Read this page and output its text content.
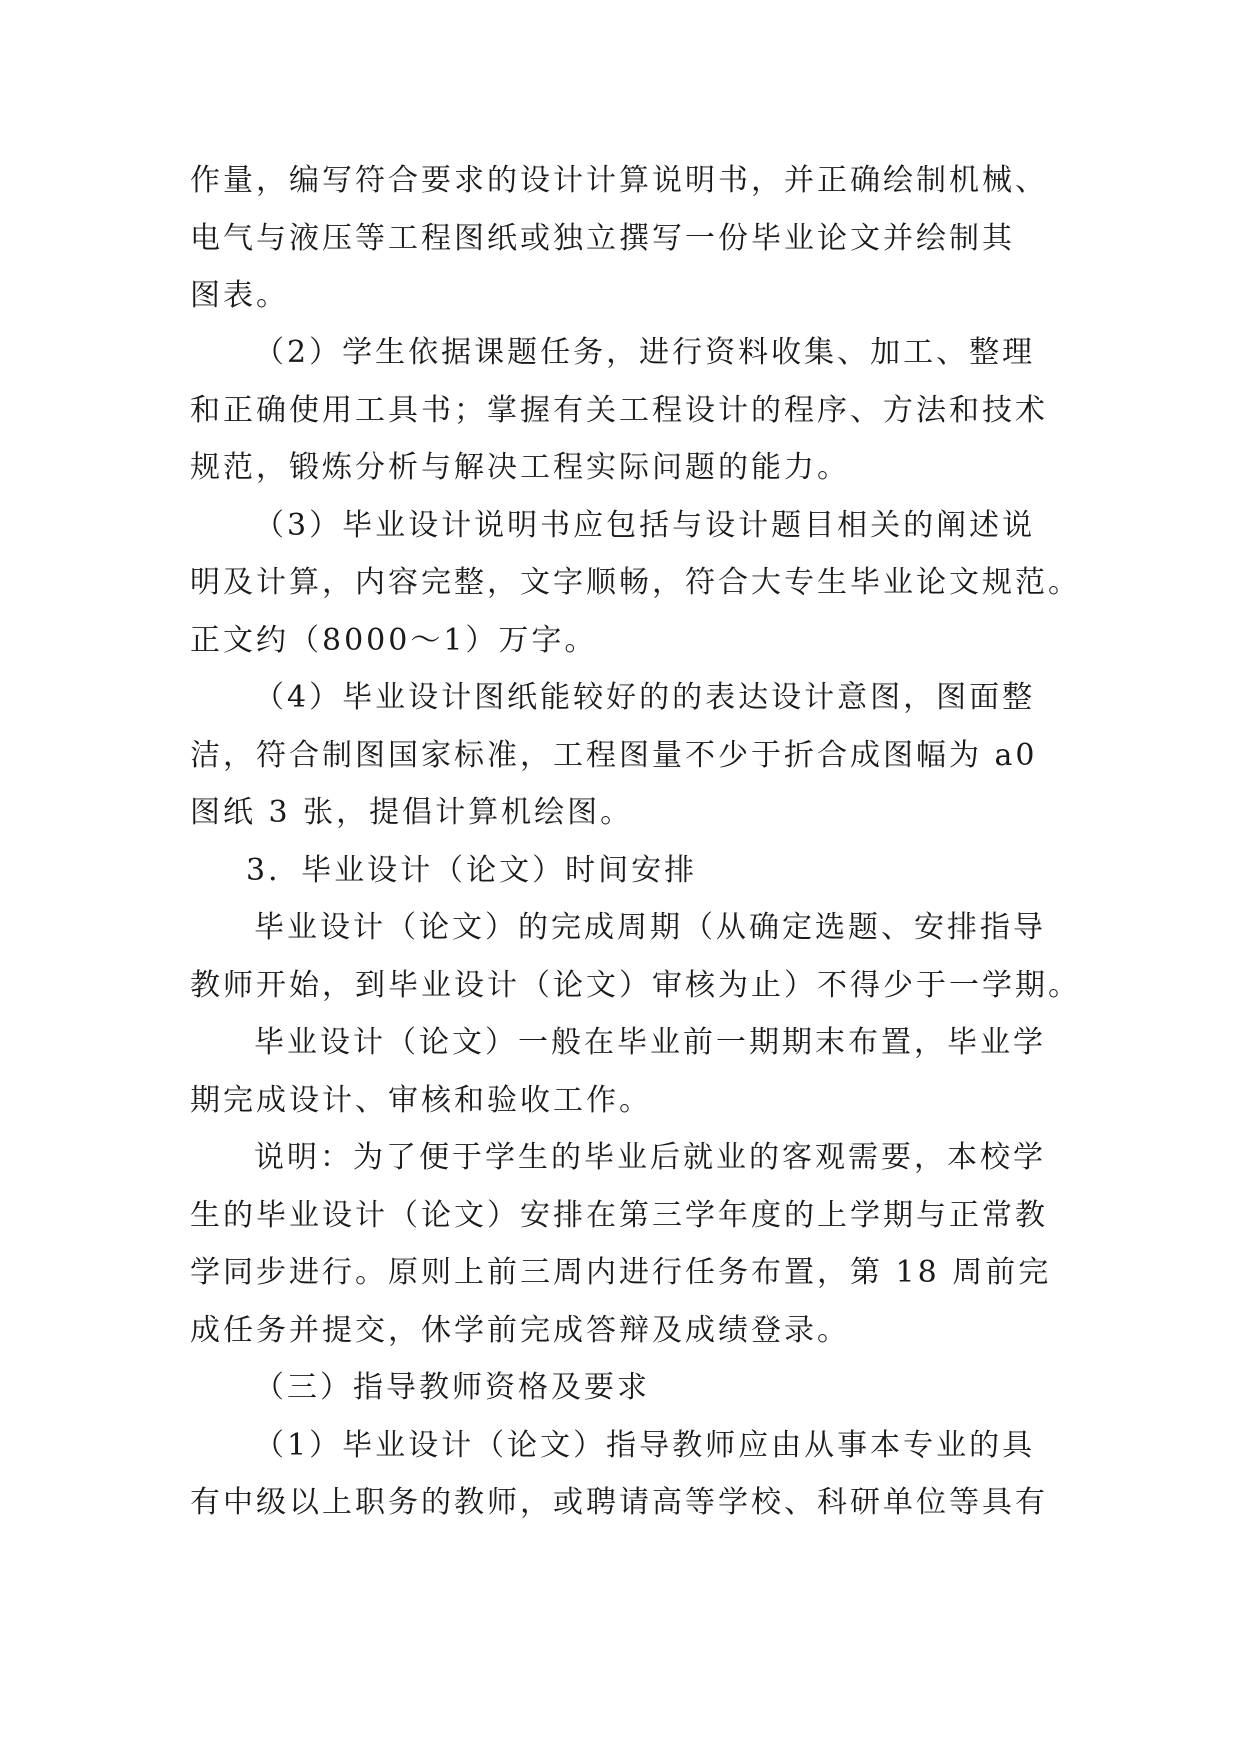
作量，编写符合要求的设计计算说明书，并正确绘制机械、
电气与液压等工程图纸或独立撰写一份毕业论文并绘制其
图表。
（2）学生依据课题任务，进行资料收集、加工、整理
和正确使用工具书；掌握有关工程设计的程序、方法和技术
规范，锻炼分析与解决工程实际问题的能力。
（3）毕业设计说明书应包括与设计题目相关的阐述说
明及计算，内容完整，文字顺畅，符合大专生毕业论文规范。
正文约（8000～1）万字。
（4）毕业设计图纸能较好的的表达设计意图，图面整
洁，符合制图国家标准，工程图量不少于折合成图幅为 a0
图纸 3 张，提倡计算机绘图。
3．毕业设计（论文）时间安排
毕业设计（论文）的完成周期（从确定选题、安排指导
教师开始，到毕业设计（论文）审核为止）不得少于一学期。
毕业设计（论文）一般在毕业前一期期末布置，毕业学
期完成设计、审核和验收工作。
说明：为了便于学生的毕业后就业的客观需要，本校学
生的毕业设计（论文）安排在第三学年度的上学期与正常教
学同步进行。原则上前三周内进行任务布置，第 18 周前完
成任务并提交，休学前完成答辩及成绩登录。
（三）指导教师资格及要求
（1）毕业设计（论文）指导教师应由从事本专业的具
有中级以上职务的教师，或聘请高等学校、科研单位等具有
